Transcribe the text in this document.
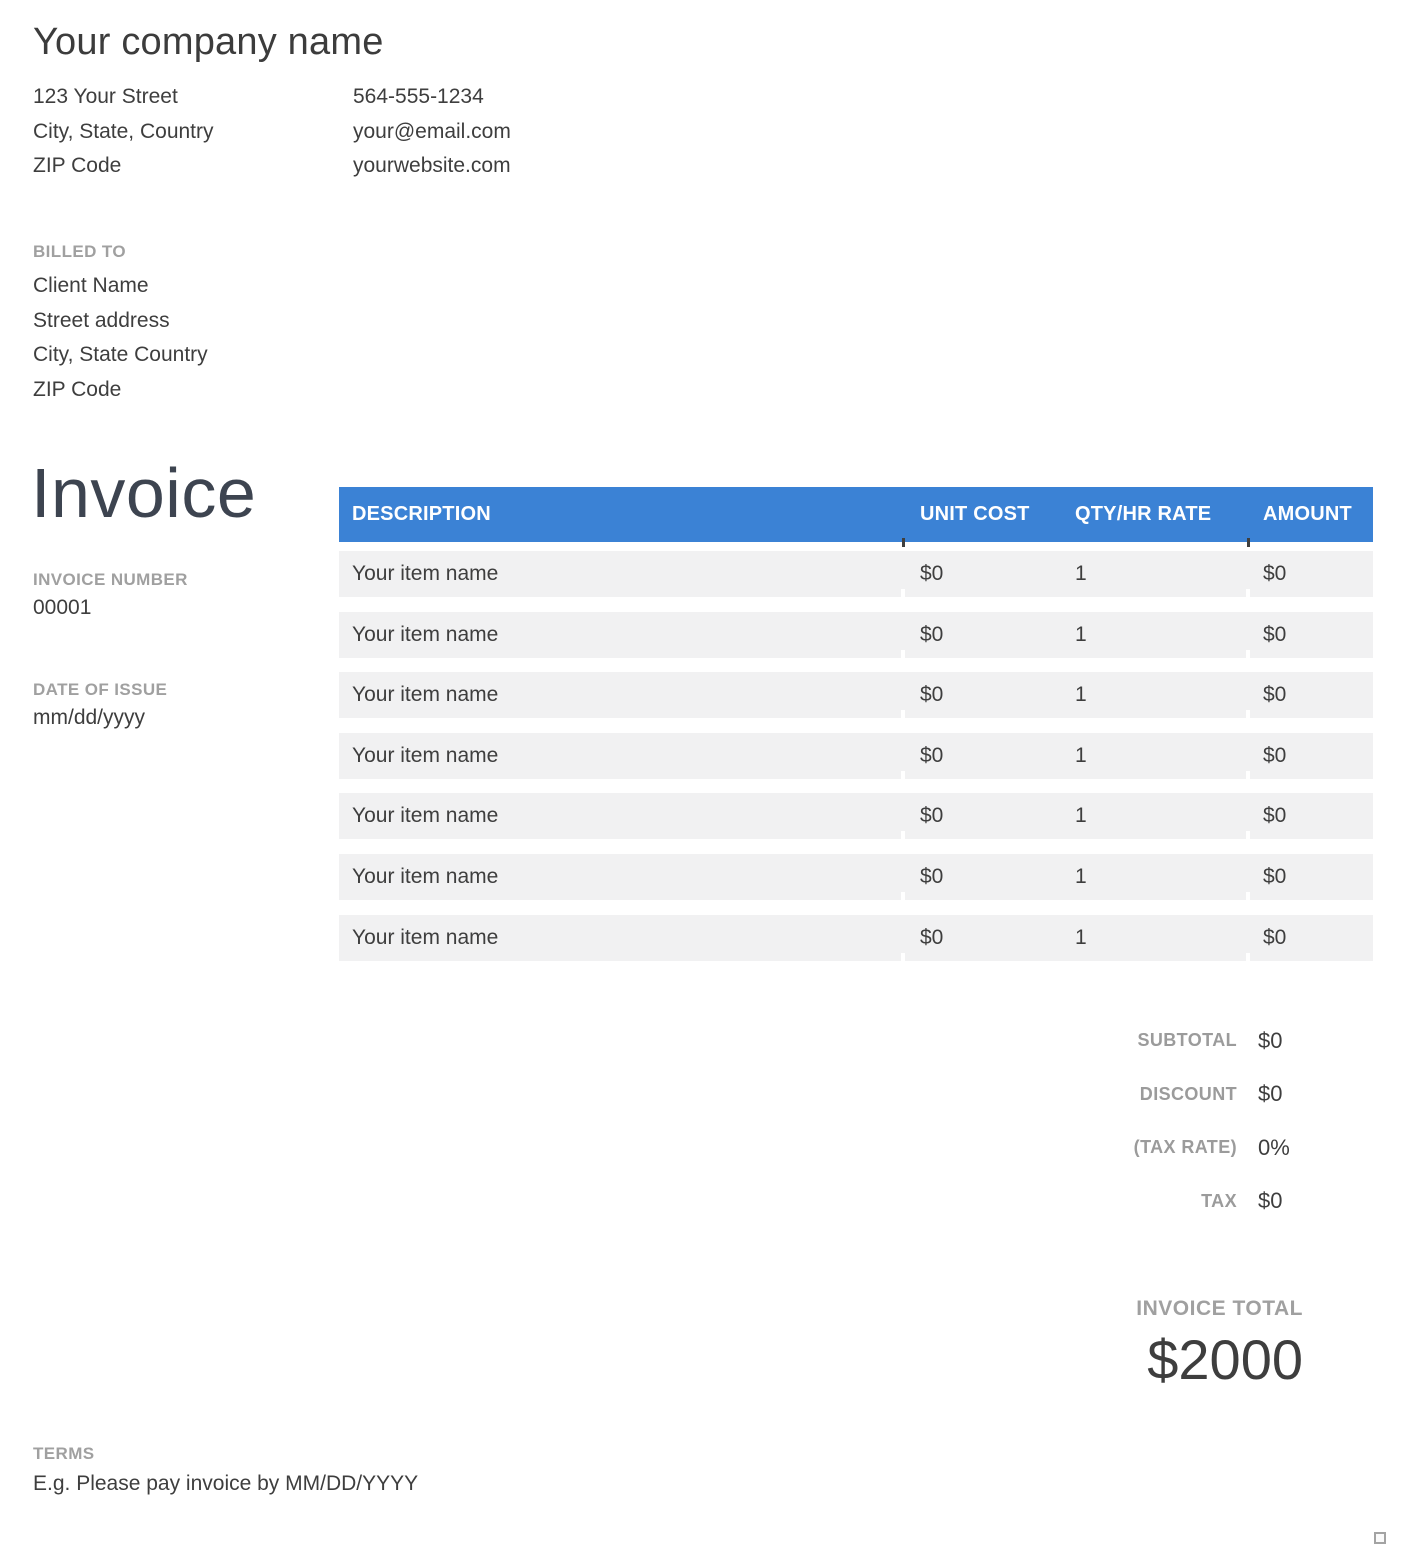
Your company name
123 Your Street
City, State, Country
ZIP Code
564-555-1234
your@email.com
yourwebsite.com
BILLED TO
Client Name
Street address
City, State Country
ZIP Code
Invoice
INVOICE NUMBER
00001
DATE OF ISSUE
mm/dd/yyyy
DESCRIPTION	UNIT COST	QTY/HR RATE	AMOUNT
Your item name	$0	1	$0
Your item name	$0	1	$0
Your item name	$0	1	$0
Your item name	$0	1	$0
Your item name	$0	1	$0
Your item name	$0	1	$0
Your item name	$0	1	$0
SUBTOTAL $0
DISCOUNT $0
(TAX RATE) 0%
TAX $0
INVOICE TOTAL
$2000
TERMS
E.g. Please pay invoice by MM/DD/YYYY
